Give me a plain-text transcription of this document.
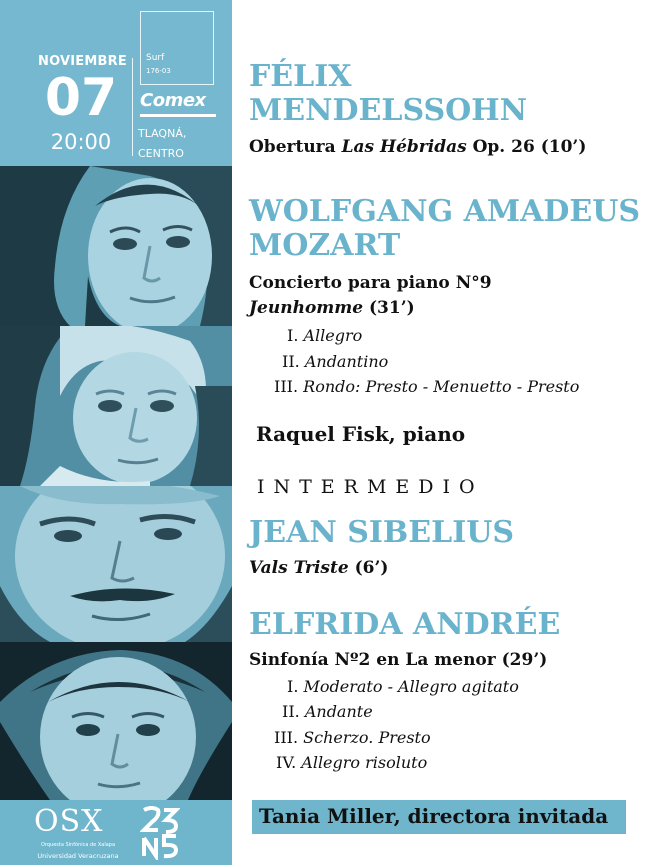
NOVIEMBRE
07
20:00
Surf
176-03
Comex
TLAQNÁ, CENTRO
OSX
Orquesta Sinfónica de Xalapa
Universidad Veracruzana
FÉLIX
MENDELSSOHN
Obertura Las Hébridas Op. 26 (10’)
WOLFGANG AMADEUS
MOZART
Concierto para piano N°9
Jeunhomme (31’)
I. Allegro
II. Andantino
III. Rondo: Presto - Menuetto - Presto
Raquel Fisk, piano
INTERMEDIO
JEAN SIBELIUS
Vals Triste (6’)
ELFRIDA ANDRÉE
Sinfonía Nº2 en La menor (29’)
I. Moderato - Allegro agitato
II. Andante
III. Scherzo. Presto
IV. Allegro risoluto
Tania Miller, directora invitada
